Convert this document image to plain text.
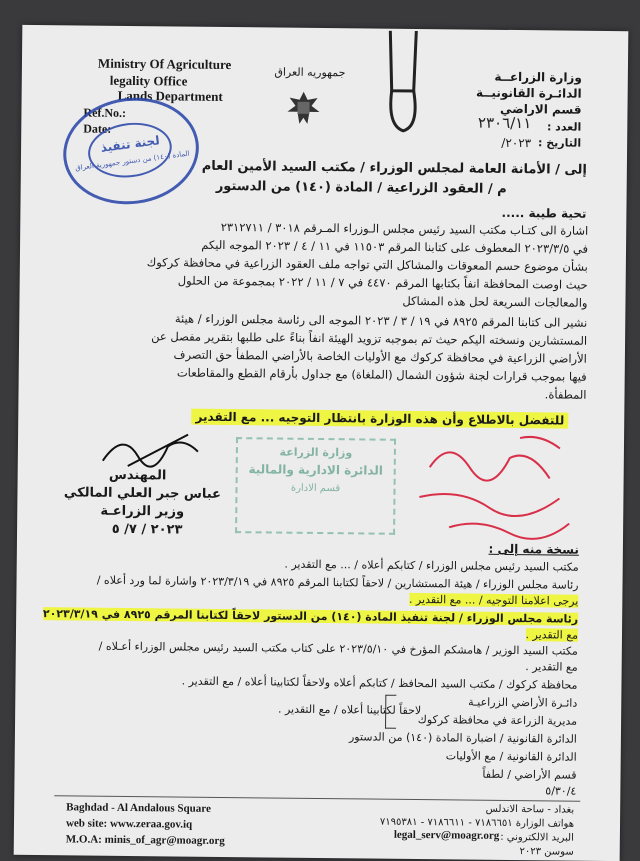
Ministry Of Agriculture
legality Office
Lands Department
Ref.No.:
Date:
لجنة تنفيذ
المادة (١٤٠) من دستور جمهورية العراق
جمهوريه العراق	وزارة الزراعــة
الدائـرة القانونيــة
قسم الاراضي
العدد :
٢٣٠٦/١١
التاريخ :
٢٠٢٣/
إلى / الأمانة العامة لمجلس الوزراء / مكتب السيد الأمين العام
م / العقود الزراعية / المادة (١٤٠) من الدستور
تحية طيبة .....
اشارة الى كتـاب مكتب السيد رئيس مجلس الـوزراء المـرقم ٣٠١٨ / ٢٣١٢٧١١
في ٢٠٢٣/٣/٥ المعطوف على كتابنا المرقم ١١٥٠٣ في ١١ / ٤ / ٢٠٢٣ الموجه اليكم
بشأن موضوع حسم المعوقات والمشاكل التي تواجه ملف العقود الزراعية في محافظة كركوك
حيث اوصت المحافظة انفاً بكتابها المرقم ٤٤٧٠ في ٧ / ١١ / ٢٠٢٢ بمجموعة من الحلول
والمعالجات السريعة لحل هذه المشاكل
نشير الى كتابنا المرقم ٨٩٢٥ في ١٩ / ٣ / ٢٠٢٣ الموجه الى رئاسة مجلس الوزراء / هيئة
المستشارين ونسخته اليكم حيث تم بموجبه تزويد الهيئة انفاً بناءً على طلبها بتقرير مفصل عن
الأراضي الزراعية في محافظة كركوك مع الأوليات الخاصة بالأراضي المطفأ حق التصرف
فيها بموجب قرارات لجنة شؤون الشمال (الملغاة) مع جداول بأرقام القطع والمقاطعات
المطفأة.
للتفضل بالاطلاع وأن هذه الوزارة بانتظار التوجيه ... مع التقدير
وزارة الزراعة
الدائرة الادارية والمالية
قسم الادارة
المهندس
عباس جبر العلي المالكي
وزير الزراعـة
٢٠٢٣ / ٧/ ٥
نسخة منه إلى :
مكتب السيد رئيس مجلس الوزراء / كتابكم أعلاه / ... مع التقدير .
رئاسة مجلس الوزراء / هيئة المستشارين / لاحقاً لكتابنا المرقم ٨٩٢٥ في ٢٠٢٣/٣/١٩ واشارة لما ورد أعلاه /
يرجى اعلامنا التوجيه / ... مع التقدير .
رئاسة مجلس الوزراء / لجنة تنفيذ المادة (١٤٠) من الدستور لاحقاً لكتابنا المرقم ٨٩٢٥ في ٢٠٢٣/٣/١٩
مع التقدير .
مكتب السيد الوزير / هامشكم المؤرخ في ٢٠٢٣/٥/١٠ على كتاب مكتب السيد رئيس مجلس الوزراء أعـلاه /
مع التقدير .
محافظة كركوك / مكتب السيد المحافظ / كتابكم أعلاه ولاحقاً لكتابينا أعلاه / مع التقدير .
دائـرة الأراضي الزراعيـة
مديرية الزراعة في محافظة كركوك
لاحقاً لكتابينا أعلاه / مع التقدير .
الدائرة القانونية / اضبارة المادة (١٤٠) من الدستور
الدائرة القانونية / مع الأوليات
قسم الأراضي / لطفاً
٥/٣٠/٤
Baghdad - Al Andalous Square
web site: www.zeraa.gov.iq
M.O.A: minis_of_agr@moagr.org
بغداد - ساحة الاندلس
هواتف الوزارة ٧١٨٦٦٥١ - ٧١٨٦٦١١ - ٧١٩٥٣٨١
البريد الالكتروني :
legal_serv@moagr.org
سوسن ٢٠٢٣
